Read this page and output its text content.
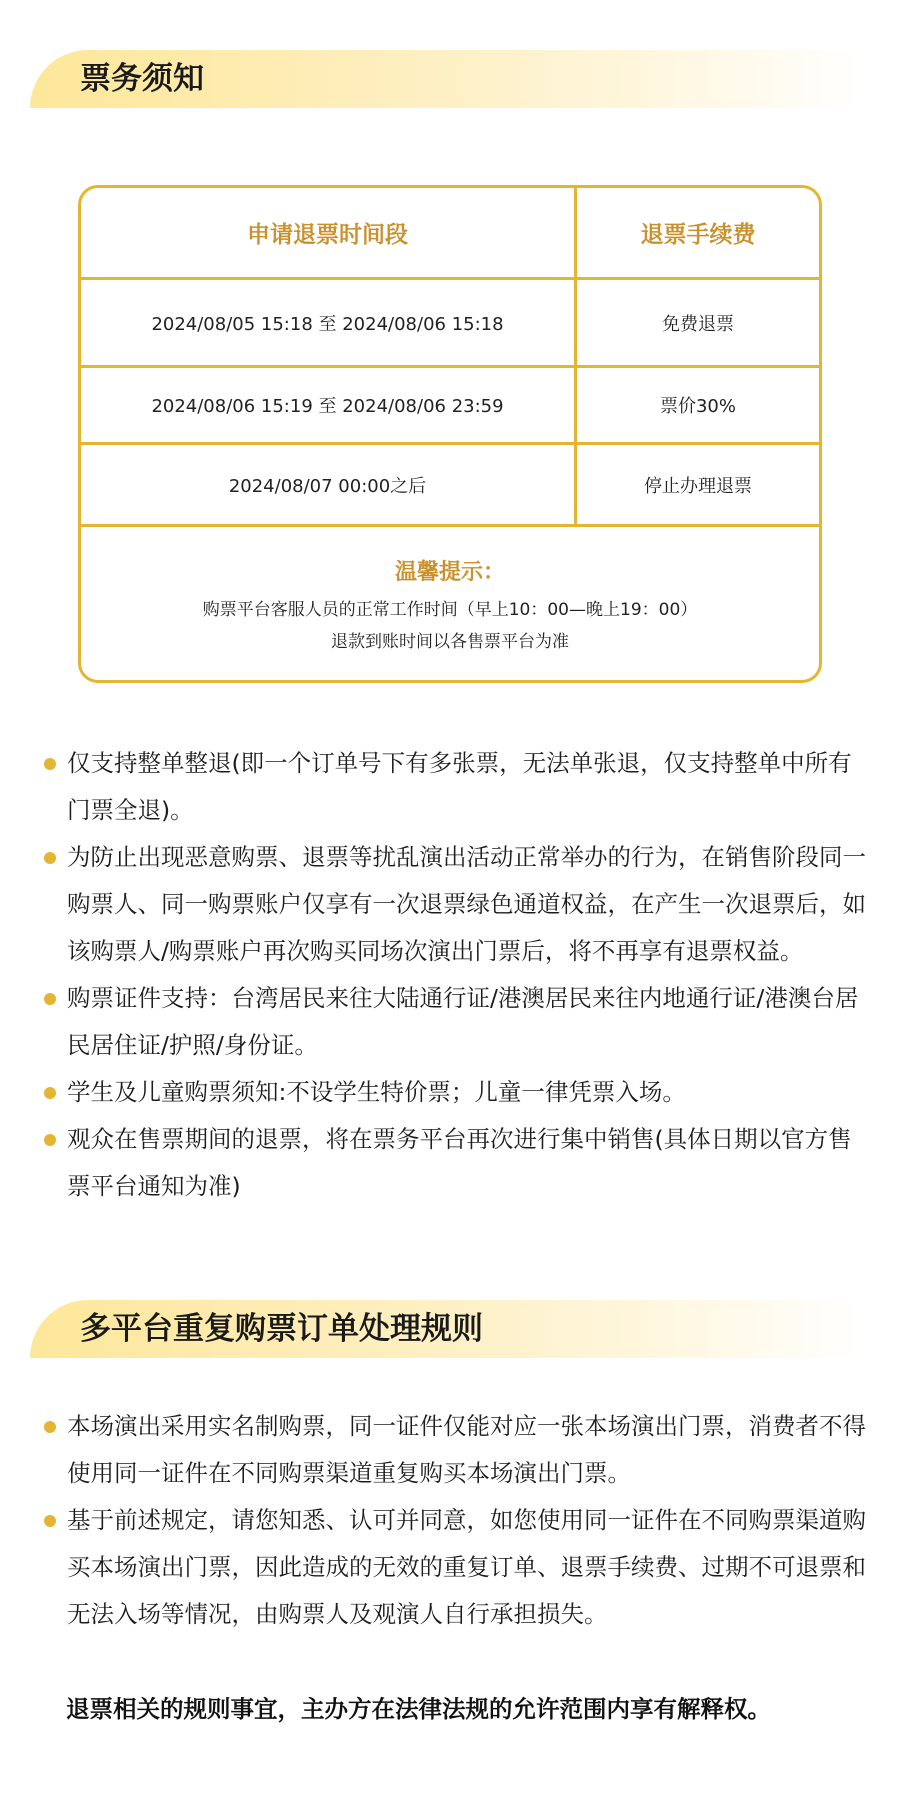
票务须知
申请退票时间段	退票手续费
2024/08/05 15:18 至 2024/08/06 15:18	免费退票
2024/08/06 15:19 至 2024/08/06 23:59	票价30%
2024/08/07 00:00之后	停止办理退票
温馨提示：
购票平台客服人员的正常工作时间（早上10：00—晚上19：00）
退款到账时间以各售票平台为准
仅支持整单整退(即一个订单号下有多张票，无法单张退，仅支持整单中所有门票全退)。
为防止出现恶意购票、退票等扰乱演出活动正常举办的行为，在销售阶段同一购票人、同一购票账户仅享有一次退票绿色通道权益，在产生一次退票后，如该购票人/购票账户再次购买同场次演出门票后，将不再享有退票权益。
购票证件支持：台湾居民来往大陆通行证/港澳居民来往内地通行证/港澳台居民居住证/护照/身份证。
学生及儿童购票须知:不设学生特价票；儿童一律凭票入场。
观众在售票期间的退票，将在票务平台再次进行集中销售(具体日期以官方售票平台通知为准)
多平台重复购票订单处理规则
本场演出采用实名制购票，同一证件仅能对应一张本场演出门票，消费者不得使用同一证件在不同购票渠道重复购买本场演出门票。
基于前述规定，请您知悉、认可并同意，如您使用同一证件在不同购票渠道购买本场演出门票，因此造成的无效的重复订单、退票手续费、过期不可退票和无法入场等情况，由购票人及观演人自行承担损失。
退票相关的规则事宜，主办方在法律法规的允许范围内享有解释权。
